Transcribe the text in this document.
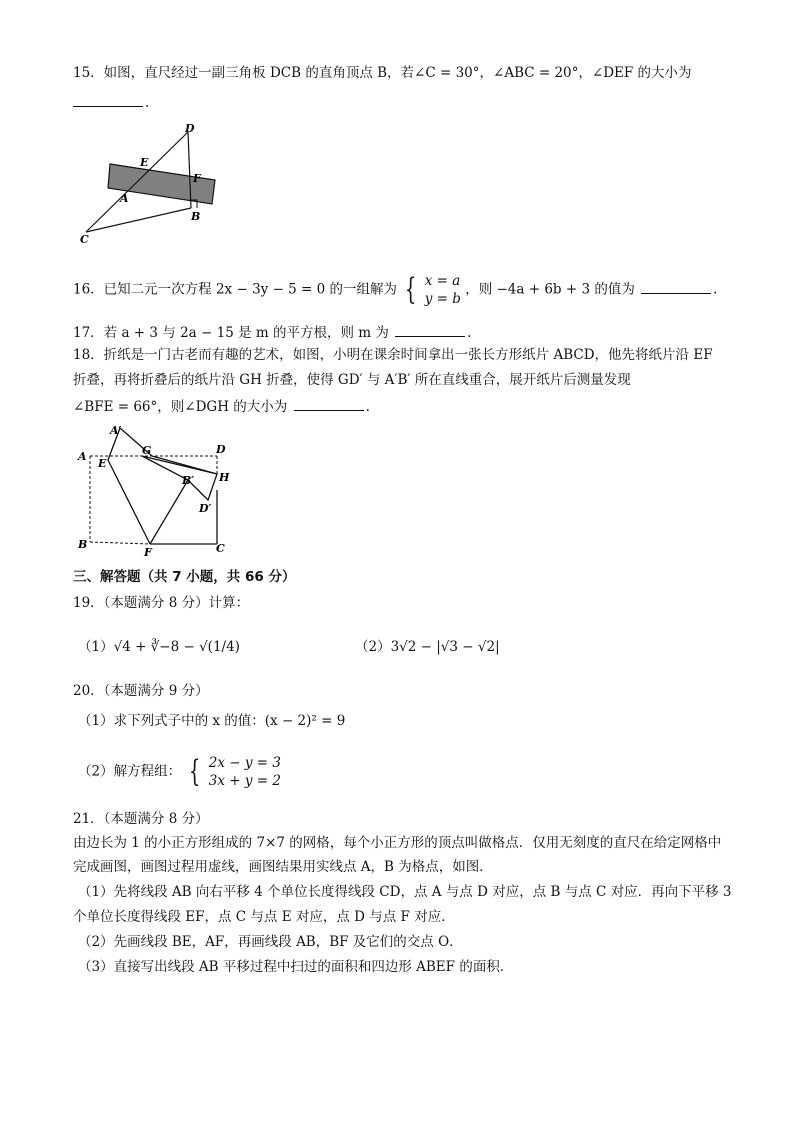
15．如图，直尺经过一副三角板 DCB 的直角顶点 B，若∠C = 30°，∠ABC = 20°，∠DEF 的大小为
.
D
E
F
A
B
C
16．已知二元一次方程 2x − 3y − 5 = 0 的一组解为 { x = a
y = b ，则 −4a + 6b + 3 的值为	.
17．若 a + 3 与 2a − 15 是 m 的平方根，则 m 为	.
18．折纸是一门古老而有趣的艺术，如图，小明在课余时间拿出一张长方形纸片 ABCD，他先将纸片沿 EF
折叠，再将折叠后的纸片沿 GH 折叠，使得 GD′ 与 A′B′ 所在直线重合，展开纸片后测量发现
∠BFE = 66°，则∠DGH 的大小为	.
A′
G	D
A
E
B′ H
D′
B
F	C
三、解答题（共 7 小题，共 66 分）
19．（本题满分 8 分）计算：
（1）√4 + ∛−8 − √(1/4)	（2）3√2 − |√3 − √2|
20．（本题满分 9 分）
（1）求下列式子中的 x 的值：(x − 2)² = 9
（2）解方程组： { 2x − y = 3
3x + y = 2
21．（本题满分 8 分）
由边长为 1 的小正方形组成的 7×7 的网格，每个小正方形的顶点叫做格点．仅用无刻度的直尺在给定网格中
完成画图，画图过程用虚线，画图结果用实线点 A，B 为格点，如图．
（1）先将线段 AB 向右平移 4 个单位长度得线段 CD，点 A 与点 D 对应，点 B 与点 C 对应．再向下平移 3
个单位长度得线段 EF，点 C 与点 E 对应，点 D 与点 F 对应．
（2）先画线段 BE，AF，再画线段 AB，BF 及它们的交点 O．
（3）直接写出线段 AB 平移过程中扫过的面积和四边形 ABEF 的面积．
